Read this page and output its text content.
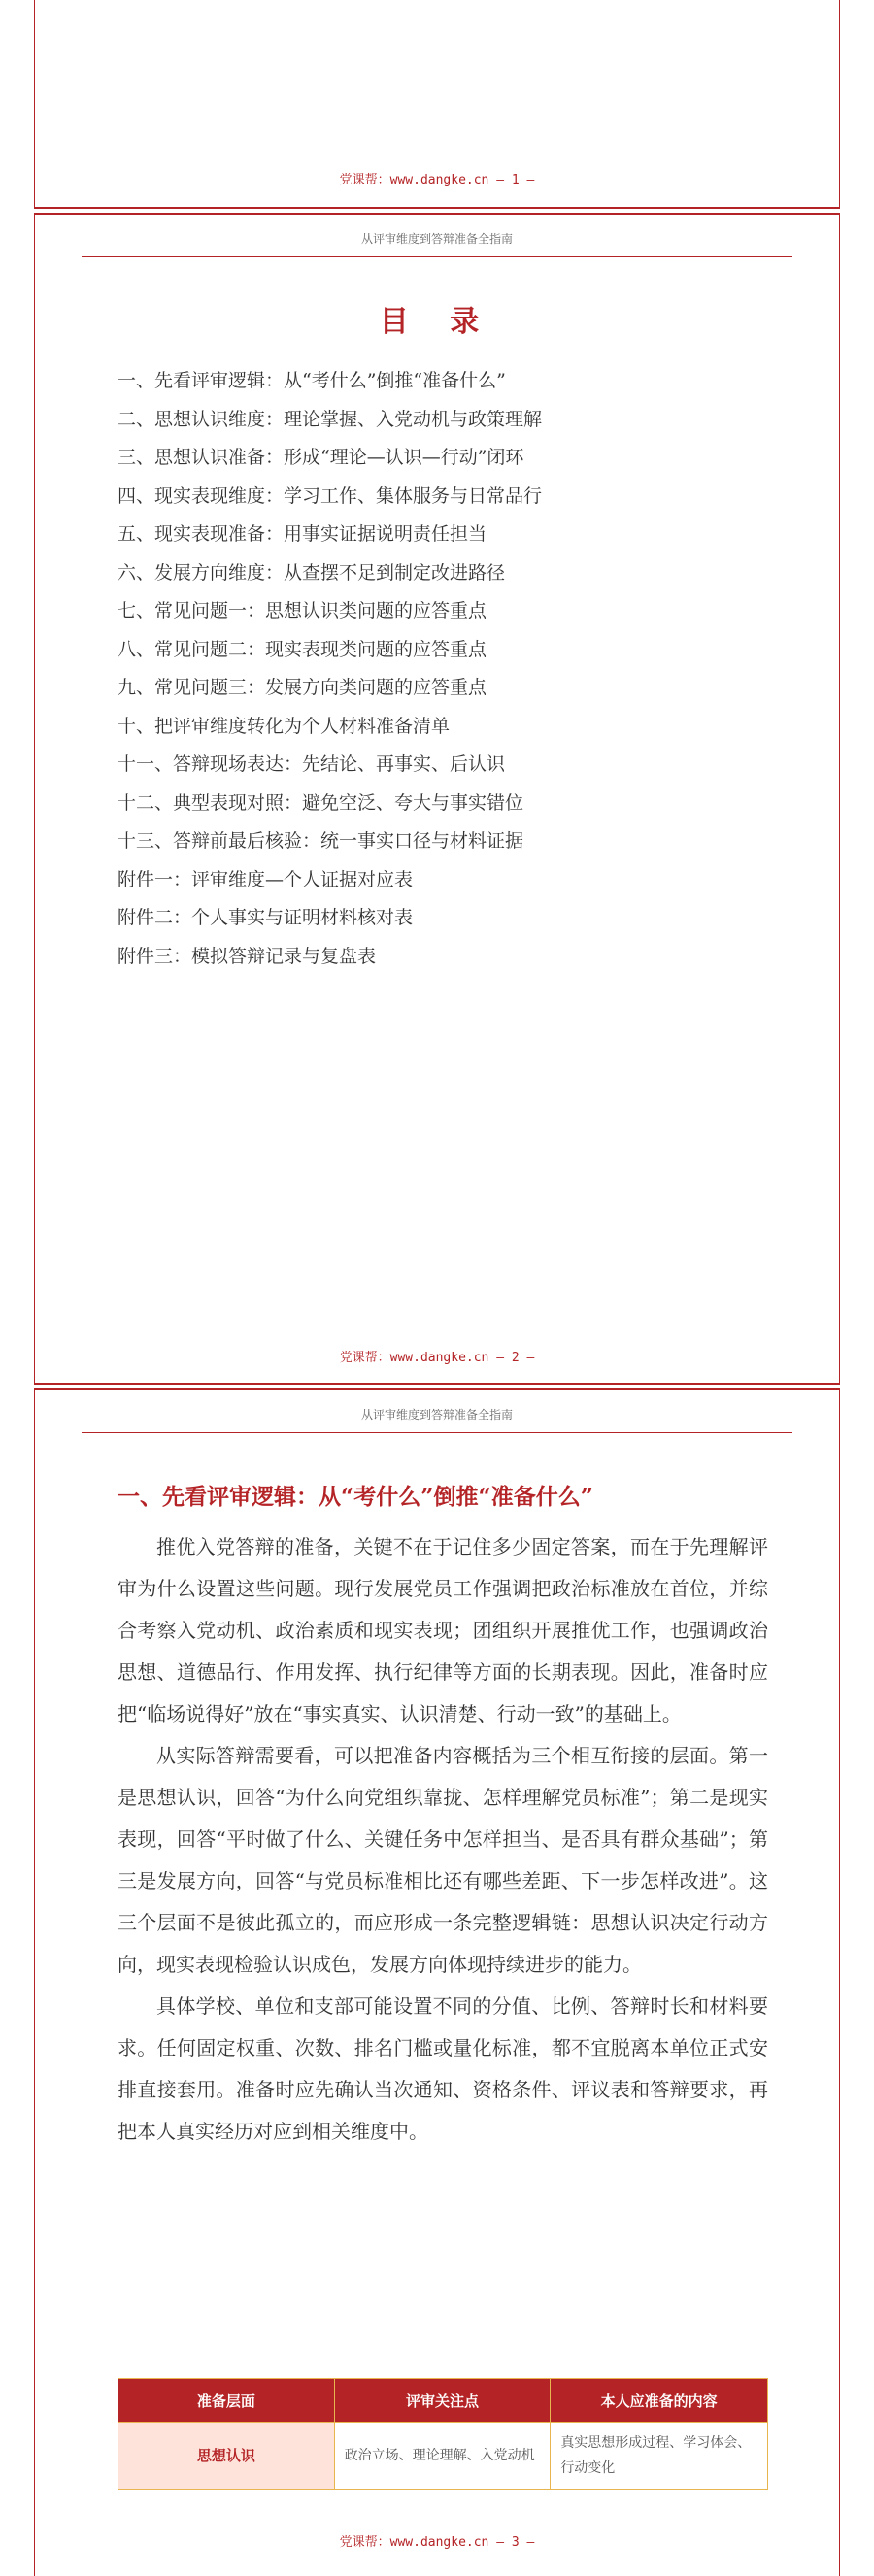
党课帮：www.dangke.cn — 1 —
从评审维度到答辩准备全指南
目 录
一、先看评审逻辑：从“考什么”倒推“准备什么”
二、思想认识维度：理论掌握、入党动机与政策理解
三、思想认识准备：形成“理论—认识—行动”闭环
四、现实表现维度：学习工作、集体服务与日常品行
五、现实表现准备：用事实证据说明责任担当
六、发展方向维度：从查摆不足到制定改进路径
七、常见问题一：思想认识类问题的应答重点
八、常见问题二：现实表现类问题的应答重点
九、常见问题三：发展方向类问题的应答重点
十、把评审维度转化为个人材料准备清单
十一、答辩现场表达：先结论、再事实、后认识
十二、典型表现对照：避免空泛、夸大与事实错位
十三、答辩前最后核验：统一事实口径与材料证据
附件一：评审维度—个人证据对应表
附件二：个人事实与证明材料核对表
附件三：模拟答辩记录与复盘表
党课帮：www.dangke.cn — 2 —
从评审维度到答辩准备全指南
一、先看评审逻辑：从“考什么”倒推“准备什么”

推优入党答辩的准备，关键不在于记住多少固定答案，而在于先理解评审为什么设置这些问题。现行发展党员工作强调把政治标准放在首位，并综合考察入党动机、政治素质和现实表现；团组织开展推优工作，也强调政治思想、道德品行、作用发挥、执行纪律等方面的长期表现。因此，准备时应把“临场说得好”放在“事实真实、认识清楚、行动一致”的基础上。

从实际答辩需要看，可以把准备内容概括为三个相互衔接的层面。第一是思想认识，回答“为什么向党组织靠拢、怎样理解党员标准”；第二是现实表现，回答“平时做了什么、关键任务中怎样担当、是否具有群众基础”；第三是发展方向，回答“与党员标准相比还有哪些差距、下一步怎样改进”。这三个层面不是彼此孤立的，而应形成一条完整逻辑链：思想认识决定行动方向，现实表现检验认识成色，发展方向体现持续进步的能力。

具体学校、单位和支部可能设置不同的分值、比例、答辩时长和材料要求。任何固定权重、次数、排名门槛或量化标准，都不宜脱离本单位正式安排直接套用。准备时应先确认当次通知、资格条件、评议表和答辩要求，再把本人真实经历对应到相关维度中。

准备层面	评审关注点	本人应准备的内容
思想认识	政治立场、理论理解、入党动机	真实思想形成过程、学习体会、行动变化
党课帮：www.dangke.cn — 3 —
